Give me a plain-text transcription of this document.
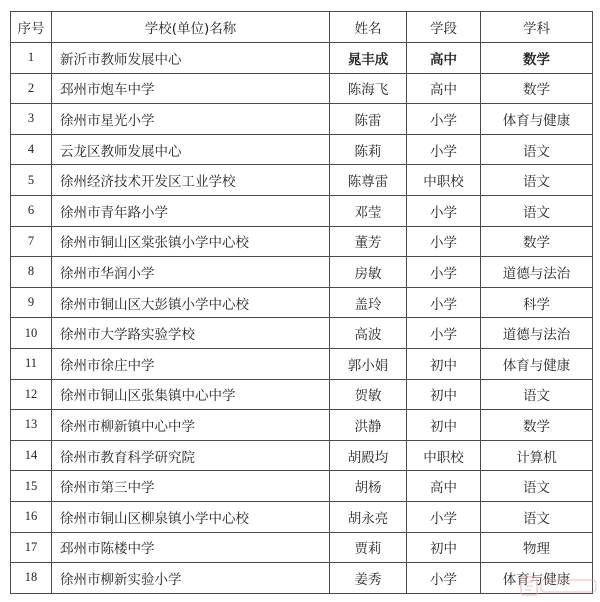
序号	学校(单位)名称	姓名	学段	学科
1	新沂市教师发展中心	晁丰成	高中	数学
2	邳州市炮车中学	陈海飞	高中	数学
3	徐州市星光小学	陈雷	小学	体育与健康
4	云龙区教师发展中心	陈莉	小学	语文
5	徐州经济技术开发区工业学校	陈尊雷	中职校	语文
6	徐州市青年路小学	邓莹	小学	语文
7	徐州市铜山区棠张镇小学中心校	董芳	小学	数学
8	徐州市华润小学	房敏	小学	道德与法治
9	徐州市铜山区大彭镇小学中心校	盖玲	小学	科学
10	徐州市大学路实验学校	高波	小学	道德与法治
11	徐州市徐庄中学	郭小娟	初中	体育与健康
12	徐州市铜山区张集镇中心中学	贺敏	初中	语文
13	徐州市柳新镇中心中学	洪静	初中	数学
14	徐州市教育科学研究院	胡殿均	中职校	计算机
15	徐州市第三中学	胡杨	高中	语文
16	徐州市铜山区柳泉镇小学中心校	胡永亮	小学	语文
17	邳州市陈楼中学	贾莉	初中	物理
18	徐州市柳新实验小学	姜秀	小学	体育与健康
